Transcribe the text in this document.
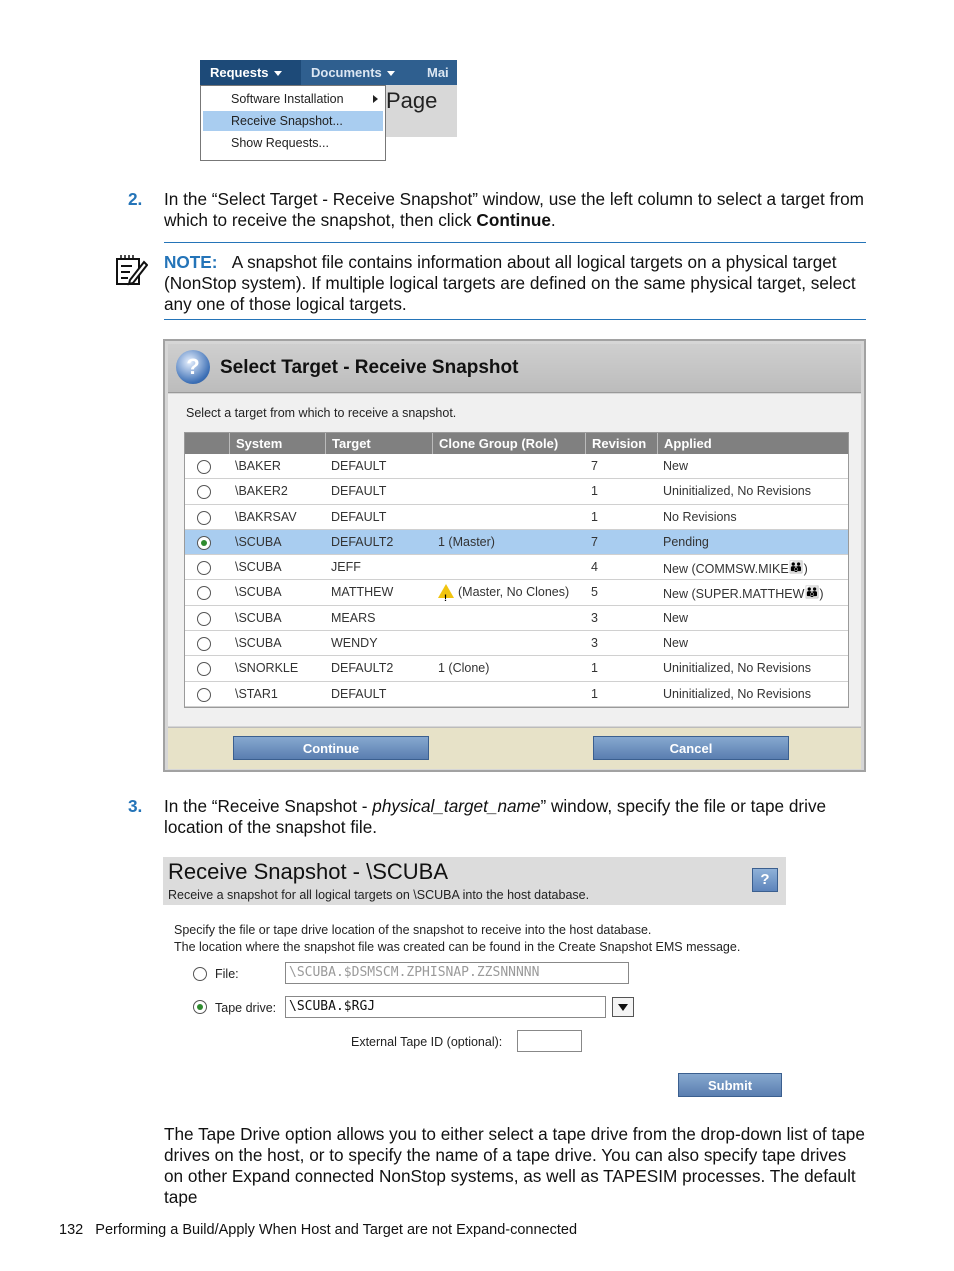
Requests	Documents	Mai
Page
Software Installation
Receive Snapshot...
Show Requests...
2. In the “Select Target - Receive Snapshot” window, use the left column to select a target from which to receive the snapshot, then click Continue.
NOTE: A snapshot file contains information about all logical targets on a physical target (NonStop system). If multiple logical targets are defined on the same physical target, select any one of those logical targets.
?	Select Target - Receive Snapshot
Select a target from which to receive a snapshot.
System	Target	Clone Group (Role)	Revision	Applied
\BAKER	DEFAULT	7	New
\BAKER2	DEFAULT	1	Uninitialized, No Revisions
\BAKRSAV	DEFAULT	1	No Revisions
\SCUBA	DEFAULT2	1 (Master)	7	Pending
\SCUBA	JEFF	4	New (COMMSW.MIKE👪)
\SCUBA	MATTHEW
!	(Master, No Clones)	5	New (SUPER.MATTHEW👪)
\SCUBA	MEARS	3	New
\SCUBA	WENDY	3	New
\SNORKLE	DEFAULT2	1 (Clone)	1	Uninitialized, No Revisions
\STAR1	DEFAULT	1	Uninitialized, No Revisions
Continue	Cancel
3. In the “Receive Snapshot - physical_target_name” window, specify the file or tape drive location of the snapshot file.
Receive Snapshot - \SCUBA
Receive a snapshot for all logical targets on \SCUBA into the host database.
?
Specify the file or tape drive location of the snapshot to receive into the host database.
The location where the snapshot file was created can be found in the Create Snapshot EMS message.
File:	\SCUBA.$DSMSCM.ZPHISNAP.ZZSNNNNN
Tape drive: \SCUBA.$RGJ
External Tape ID (optional):
Submit
The Tape Drive option allows you to either select a tape drive from the drop-down list of tape drives on the host, or to specify the name of a tape drive. You can also specify tape drives on other Expand connected NonStop systems, as well as TAPESIM processes. The default tape
132 Performing a Build/Apply When Host and Target are not Expand-connected
